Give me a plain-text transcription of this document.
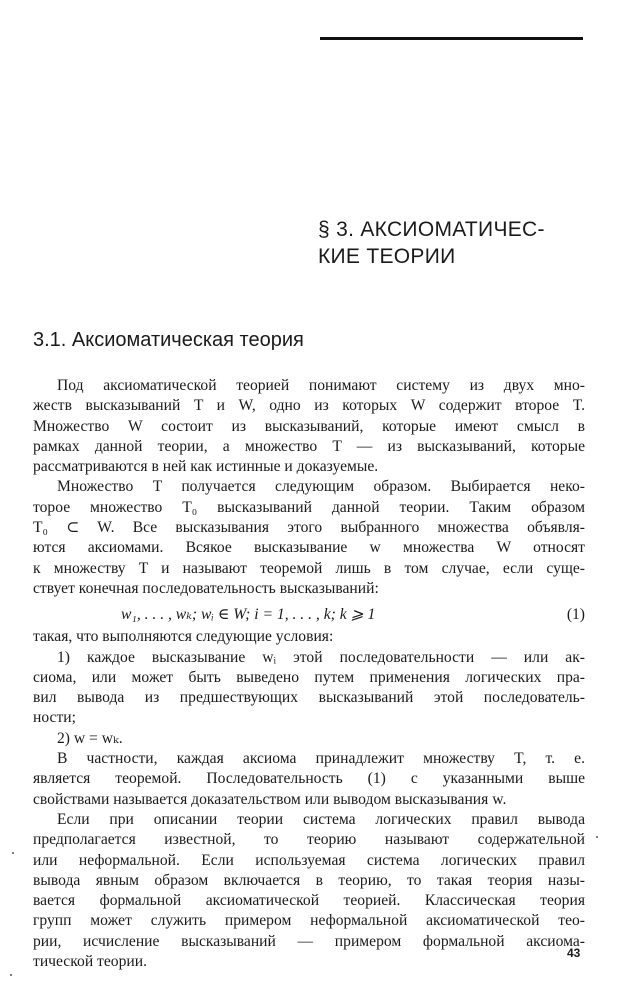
§ 3. АКСИОМАТИЧЕС-
КИЕ ТЕОРИИ
3.1. Аксиоматическая теория
Под аксиоматической теорией понимают систему из двух мно-
жеств высказываний T и W, одно из которых W содержит второе T.
Множество W состоит из высказываний, которые имеют смысл в
рамках данной теории, а множество T — из высказываний, которые
рассматриваются в ней как истинные и доказуемые.
Множество T получается следующим образом. Выбирается неко-
торое множество T₀ высказываний данной теории. Таким образом
T₀ ⊂ W. Все высказывания этого выбранного множества объявля-
ются аксиомами. Всякое высказывание w множества W относят
к множеству T и называют теоремой лишь в том случае, если суще-
ствует конечная последовательность высказываний:
w₁, . . . , wₖ; wᵢ ∈ W; i = 1, . . . , k; k ⩾ 1	(1)
такая, что выполняются следующие условия:
1) каждое высказывание wᵢ этой последовательности — или ак-
сиома, или может быть выведено путем применения логических пра-
вил вывода из предшествующих высказываний этой последователь-
ности;
2) w = wₖ.
В частности, каждая аксиома принадлежит множеству T, т. е.
является теоремой. Последовательность (1) с указанными выше
свойствами называется доказательством или выводом высказывания w.
Если при описании теории система логических правил вывода
предполагается известной, то теорию называют содержательной
или неформальной. Если используемая система логических правил
вывода явным образом включается в теорию, то такая теория назы-
вается формальной аксиоматической теорией. Классическая теория
групп может служить примером неформальной аксиоматической тео-
рии, исчисление высказываний — примером формальной аксиома-
тической теории.
43
